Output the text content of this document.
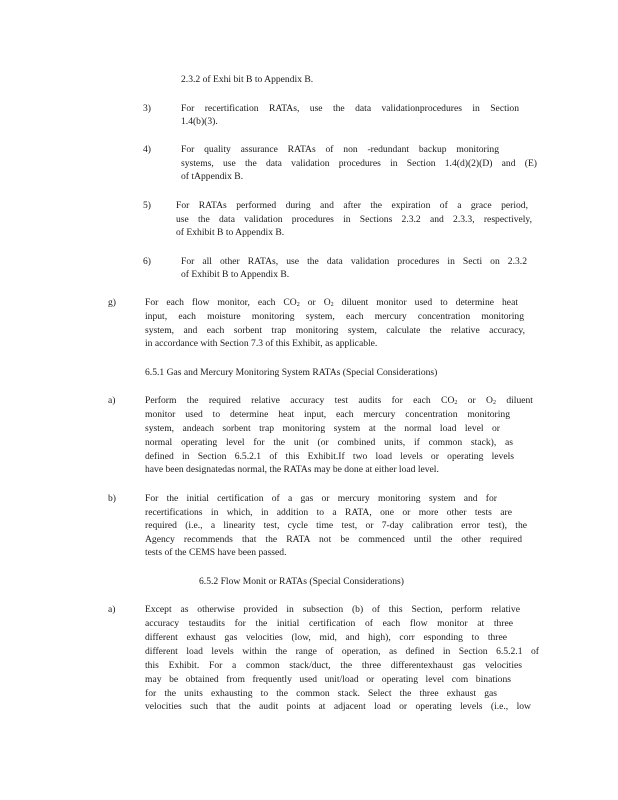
2.3.2 of Exhi bit B to Appendix B.
3)	For recertification RATAs, use the data validationprocedures in Section
1.4(b)(3).
4)	For quality assurance RATAs of non -redundant backup monitoring
systems, use the data validation procedures in Section 1.4(d)(2)(D) and (E)
of tAppendix B.
5)	For RATAs performed during and after the expiration of a grace period,
use the data validation procedures in Sections 2.3.2 and 2.3.3, respectively,
of Exhibit B to Appendix B.
6)	For all other RATAs, use the data validation procedures in Secti on 2.3.2
of Exhibit B to Appendix B.
g)	For each flow monitor, each $CO_2$ or $O_2$ diluent monitor used to determine heat
input, each moisture monitoring system, each mercury concentration monitoring
system, and each sorbent trap monitoring system, calculate the relative accuracy,
in accordance with Section 7.3 of this Exhibit, as applicable.
6.5.1 Gas and Mercury Monitoring System RATAs (Special Considerations)
a)	Perform the required relative accuracy test audits for each $CO_2$ or $O_2$ diluent
monitor used to determine heat input, each mercury concentration monitoring
system, andeach sorbent trap monitoring system at the normal load level or
normal operating level for the unit (or combined units, if common stack), as
defined in Section 6.5.2.1 of this Exhibit.If two load levels or operating levels
have been designatedas normal, the RATAs may be done at either load level.
b)	For the initial certification of a gas or mercury monitoring system and for
recertifications in which, in addition to a RATA, one or more other tests are
required (i.e., a linearity test, cycle time test, or 7-day calibration error test), the
Agency recommends that the RATA not be commenced until the other required
tests of the CEMS have been passed.
6.5.2 Flow Monit or RATAs (Special Considerations)
a)	Except as otherwise provided in subsection (b) of this Section, perform relative
accuracy testaudits for the initial certification of each flow monitor at three
different exhaust gas velocities (low, mid, and high), corr esponding to three
different load levels within the range of operation, as defined in Section 6.5.2.1 of
this Exhibit. For a common stack/duct, the three differentexhaust gas velocities
may be obtained from frequently used unit/load or operating level com binations
for the units exhausting to the common stack. Select the three exhaust gas
velocities such that the audit points at adjacent load or operating levels (i.e., low
